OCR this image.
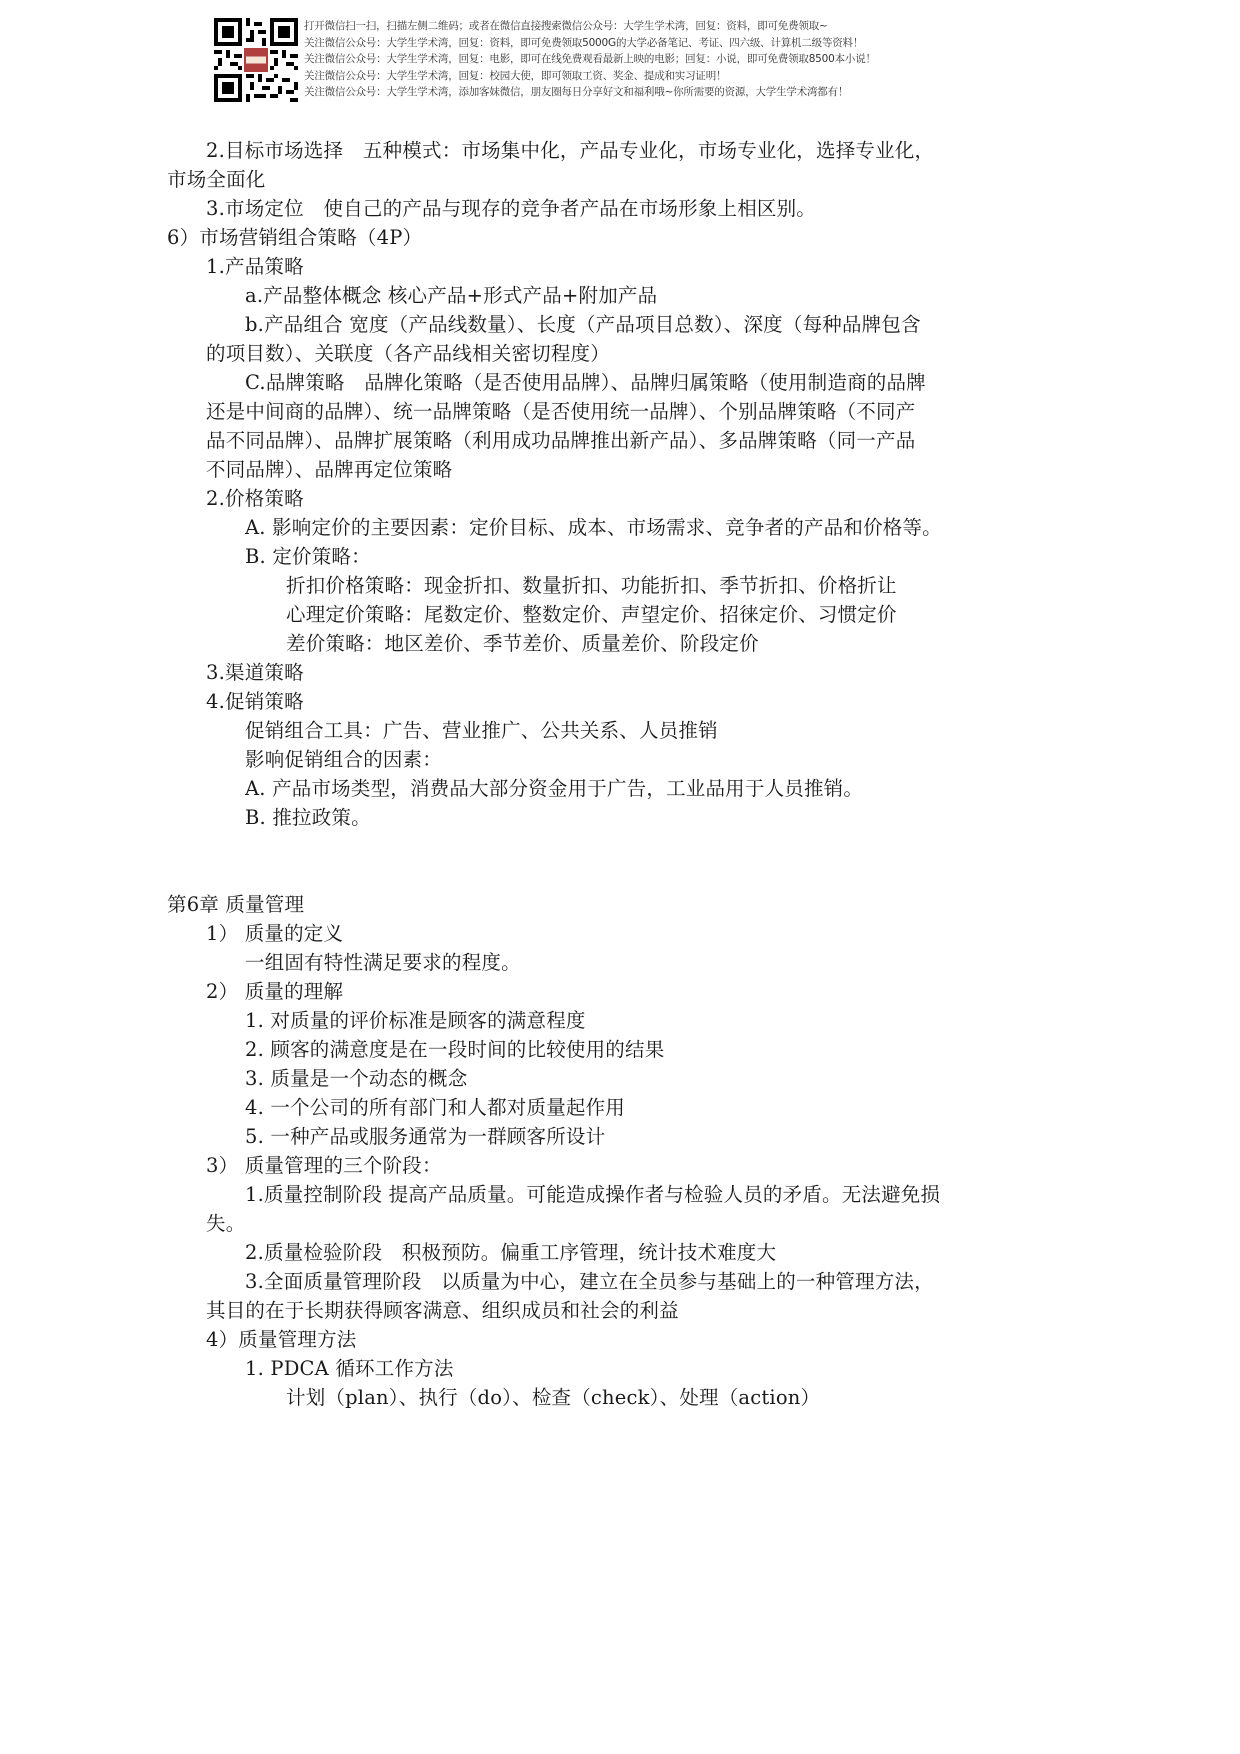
打开微信扫一扫，扫描左侧二维码；或者在微信直接搜索微信公众号：大学生学术湾，回复：资料，即可免费领取~
关注微信公众号：大学生学术湾，回复：资料，即可免费领取5000G的大学必备笔记、考证、四六级、计算机二级等资料！
关注微信公众号：大学生学术湾，回复：电影，即可在线免费观看最新上映的电影；回复：小说，即可免费领取8500本小说！
关注微信公众号：大学生学术湾，回复：校园大使，即可领取工资、奖金、提成和实习证明！
关注微信公众号：大学生学术湾，添加客妹微信，朋友圈每日分享好文和福利哦~你所需要的资源，大学生学术湾都有！
2.目标市场选择　五种模式：市场集中化，产品专业化，市场专业化，选择专业化，
市场全面化
3.市场定位　使自己的产品与现存的竞争者产品在市场形象上相区别。
6）市场营销组合策略（4P）
1.产品策略
a.产品整体概念 核心产品+形式产品+附加产品
b.产品组合 宽度（产品线数量）、长度（产品项目总数）、深度（每种品牌包含
的项目数）、关联度（各产品线相关密切程度）
C.品牌策略　品牌化策略（是否使用品牌）、品牌归属策略（使用制造商的品牌
还是中间商的品牌）、统一品牌策略（是否使用统一品牌）、个别品牌策略（不同产
品不同品牌）、品牌扩展策略（利用成功品牌推出新产品）、多品牌策略（同一产品
不同品牌）、品牌再定位策略
2.价格策略
A. 影响定价的主要因素：定价目标、成本、市场需求、竞争者的产品和价格等。
B. 定价策略：
折扣价格策略：现金折扣、数量折扣、功能折扣、季节折扣、价格折让
心理定价策略：尾数定价、整数定价、声望定价、招徕定价、习惯定价
差价策略：地区差价、季节差价、质量差价、阶段定价
3.渠道策略
4.促销策略
促销组合工具：广告、营业推广、公共关系、人员推销
影响促销组合的因素：
A. 产品市场类型，消费品大部分资金用于广告，工业品用于人员推销。
B. 推拉政策。
第6章 质量管理
1） 质量的定义
一组固有特性满足要求的程度。
2） 质量的理解
1. 对质量的评价标准是顾客的满意程度
2. 顾客的满意度是在一段时间的比较使用的结果
3. 质量是一个动态的概念
4. 一个公司的所有部门和人都对质量起作用
5. 一种产品或服务通常为一群顾客所设计
3） 质量管理的三个阶段：
1.质量控制阶段 提高产品质量。可能造成操作者与检验人员的矛盾。无法避免损
失。
2.质量检验阶段　积极预防。偏重工序管理，统计技术难度大
3.全面质量管理阶段　以质量为中心，建立在全员参与基础上的一种管理方法，
其目的在于长期获得顾客满意、组织成员和社会的利益
4）质量管理方法
1. PDCA 循环工作方法
计划（plan）、执行（do）、检查（check）、处理（action）
